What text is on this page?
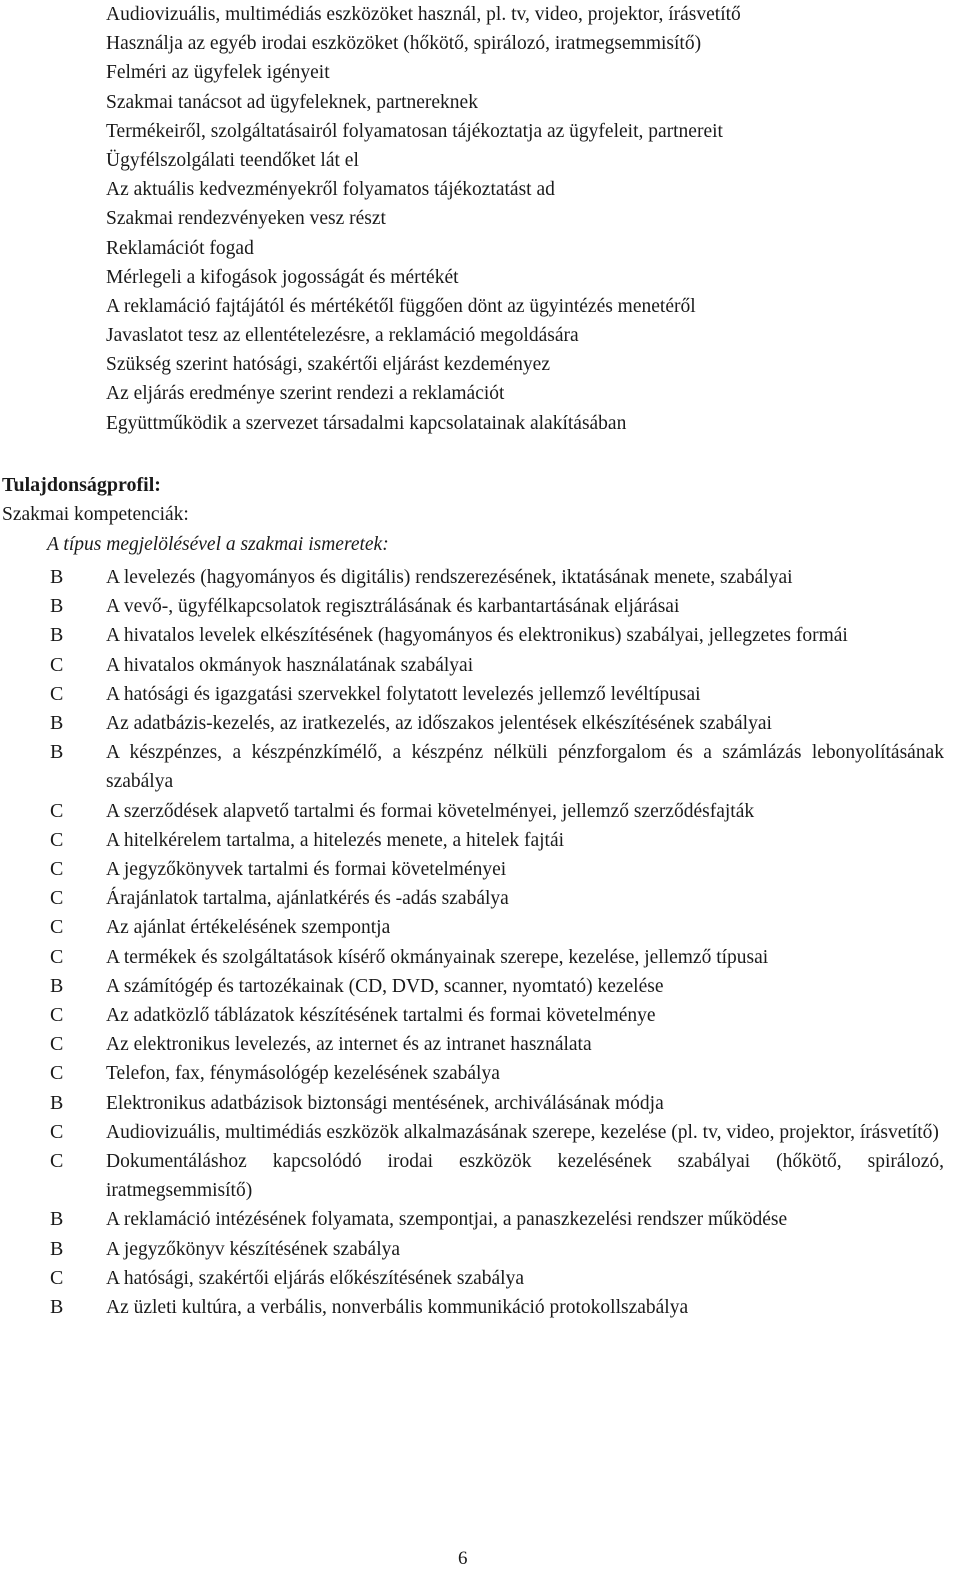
Audiovizuális, multimédiás eszközöket használ, pl. tv, video, projektor, írásvetítő
Használja az egyéb irodai eszközöket (hőkötő, spirálozó, iratmegsemmisítő)
Felméri az ügyfelek igényeit
Szakmai tanácsot ad ügyfeleknek, partnereknek
Termékeiről, szolgáltatásairól folyamatosan tájékoztatja az ügyfeleit, partnereit
Ügyfélszolgálati teendőket lát el
Az aktuális kedvezményekről folyamatos tájékoztatást ad
Szakmai rendezvényeken vesz részt
Reklamációt fogad
Mérlegeli a kifogások jogosságát és mértékét
A reklamáció fajtájától és mértékétől függően dönt az ügyintézés menetéről
Javaslatot tesz az ellentételezésre, a reklamáció megoldására
Szükség szerint hatósági, szakértői eljárást kezdeményez
Az eljárás eredménye szerint rendezi a reklamációt
Együttműködik a szervezet társadalmi kapcsolatainak alakításában
Tulajdonságprofil:
Szakmai kompetenciák:
A típus megjelölésével a szakmai ismeretek:
B A levelezés (hagyományos és digitális) rendszerezésének, iktatásának menete, szabályai
B A vevő-, ügyfélkapcsolatok regisztrálásának és karbantartásának eljárásai
B A hivatalos levelek elkészítésének (hagyományos és elektronikus) szabályai, jellegzetes formái
C A hivatalos okmányok használatának szabályai
C A hatósági és igazgatási szervekkel folytatott levelezés jellemző levéltípusai
B Az adatbázis-kezelés, az iratkezelés, az időszakos jelentések elkészítésének szabályai
B A készpénzes, a készpénzkímélő, a készpénz nélküli pénzforgalom és a számlázás lebonyolításának szabálya
C A szerződések alapvető tartalmi és formai követelményei, jellemző szerződésfajták
C A hitelkérelem tartalma, a hitelezés menete, a hitelek fajtái
C A jegyzőkönyvek tartalmi és formai követelményei
C Árajánlatok tartalma, ajánlatkérés és -adás szabálya
C Az ajánlat értékelésének szempontja
C A termékek és szolgáltatások kísérő okmányainak szerepe, kezelése, jellemző típusai
B A számítógép és tartozékainak (CD, DVD, scanner, nyomtató) kezelése
C Az adatközlő táblázatok készítésének tartalmi és formai követelménye
C Az elektronikus levelezés, az internet és az intranet használata
C Telefon, fax, fénymásológép kezelésének szabálya
B Elektronikus adatbázisok biztonsági mentésének, archiválásának módja
C Audiovizuális, multimédiás eszközök alkalmazásának szerepe, kezelése (pl. tv, video, projektor, írásvetítő)
C Dokumentáláshoz kapcsolódó irodai eszközök kezelésének szabályai (hőkötő, spirálozó, iratmegsemmisítő)
B A reklamáció intézésének folyamata, szempontjai, a panaszkezelési rendszer működése
B A jegyzőkönyv készítésének szabálya
C A hatósági, szakértői eljárás előkészítésének szabálya
B Az üzleti kultúra, a verbális, nonverbális kommunikáció protokollszabálya
6
